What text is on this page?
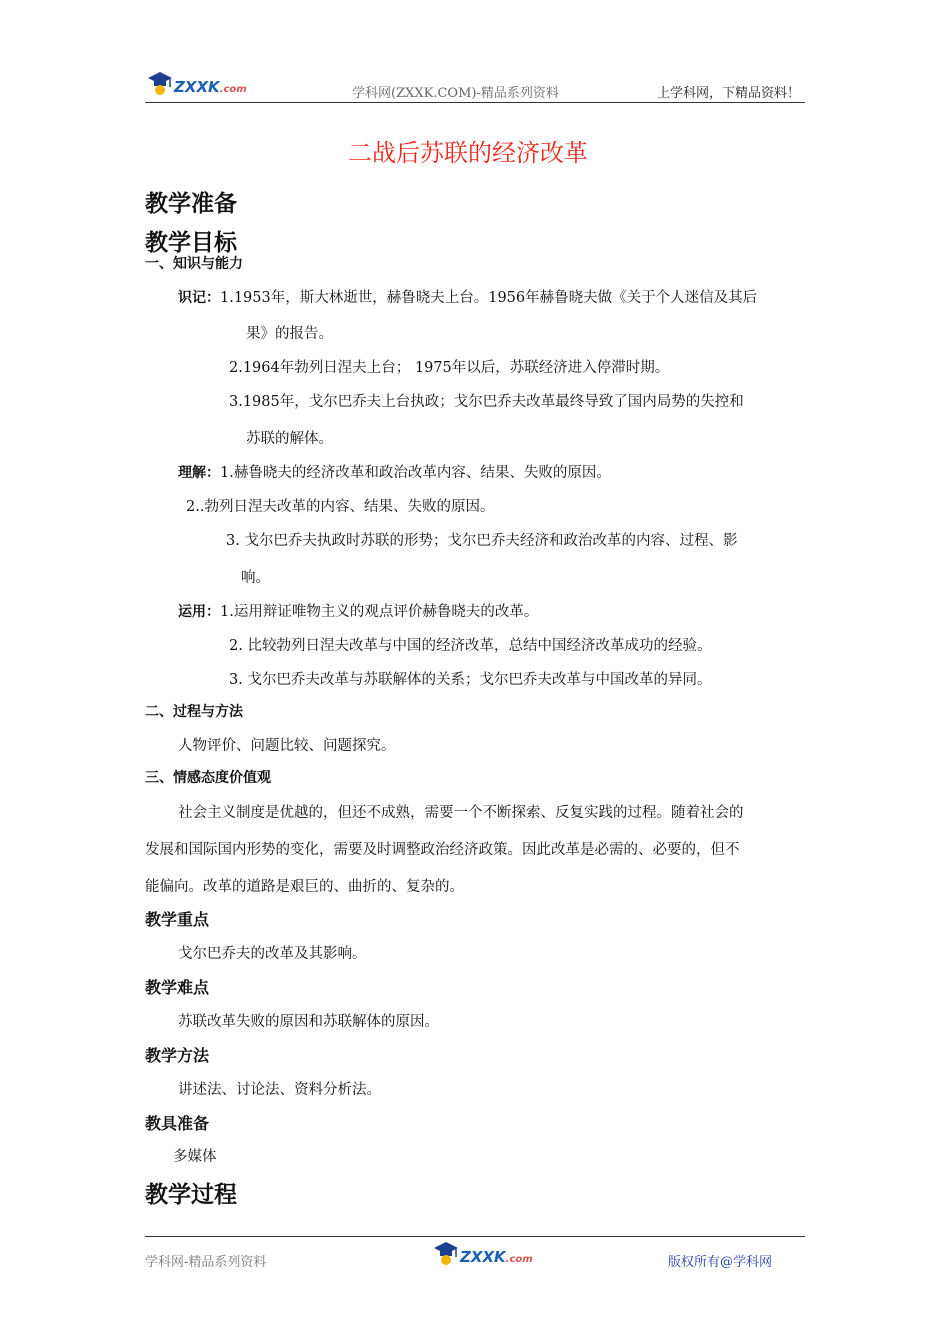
ZXXK.com	学科网(ZXXK.COM)-精品系列资料	上学科网，下精品资料！
二战后苏联的经济改革
教学准备
教学目标
一、知识与能力
识记：1.1953年，斯大林逝世，赫鲁晓夫上台。1956年赫鲁晓夫做《关于个人迷信及其后
果》的报告。
2.1964年勃列日涅夫上台； 1975年以后，苏联经济进入停滞时期。
3.1985年，戈尔巴乔夫上台执政；戈尔巴乔夫改革最终导致了国内局势的失控和
苏联的解体。
理解：1.赫鲁晓夫的经济改革和政治改革内容、结果、失败的原因。
2..勃列日涅夫改革的内容、结果、失败的原因。
3. 戈尔巴乔夫执政时苏联的形势；戈尔巴乔夫经济和政治改革的内容、过程、影
响。
运用：1.运用辩证唯物主义的观点评价赫鲁晓夫的改革。
2. 比较勃列日涅夫改革与中国的经济改革，总结中国经济改革成功的经验。
3. 戈尔巴乔夫改革与苏联解体的关系；戈尔巴乔夫改革与中国改革的异同。
二、过程与方法
人物评价、问题比较、问题探究。
三、情感态度价值观
社会主义制度是优越的，但还不成熟，需要一个不断探索、反复实践的过程。随着社会的
发展和国际国内形势的变化，需要及时调整政治经济政策。因此改革是必需的、必要的，但不
能偏向。改革的道路是艰巨的、曲折的、复杂的。
教学重点
戈尔巴乔夫的改革及其影响。
教学难点
苏联改革失败的原因和苏联解体的原因。
教学方法
讲述法、讨论法、资料分析法。
教具准备
多媒体
教学过程
学科网-精品系列资料	ZXXK.com	版权所有@学科网
